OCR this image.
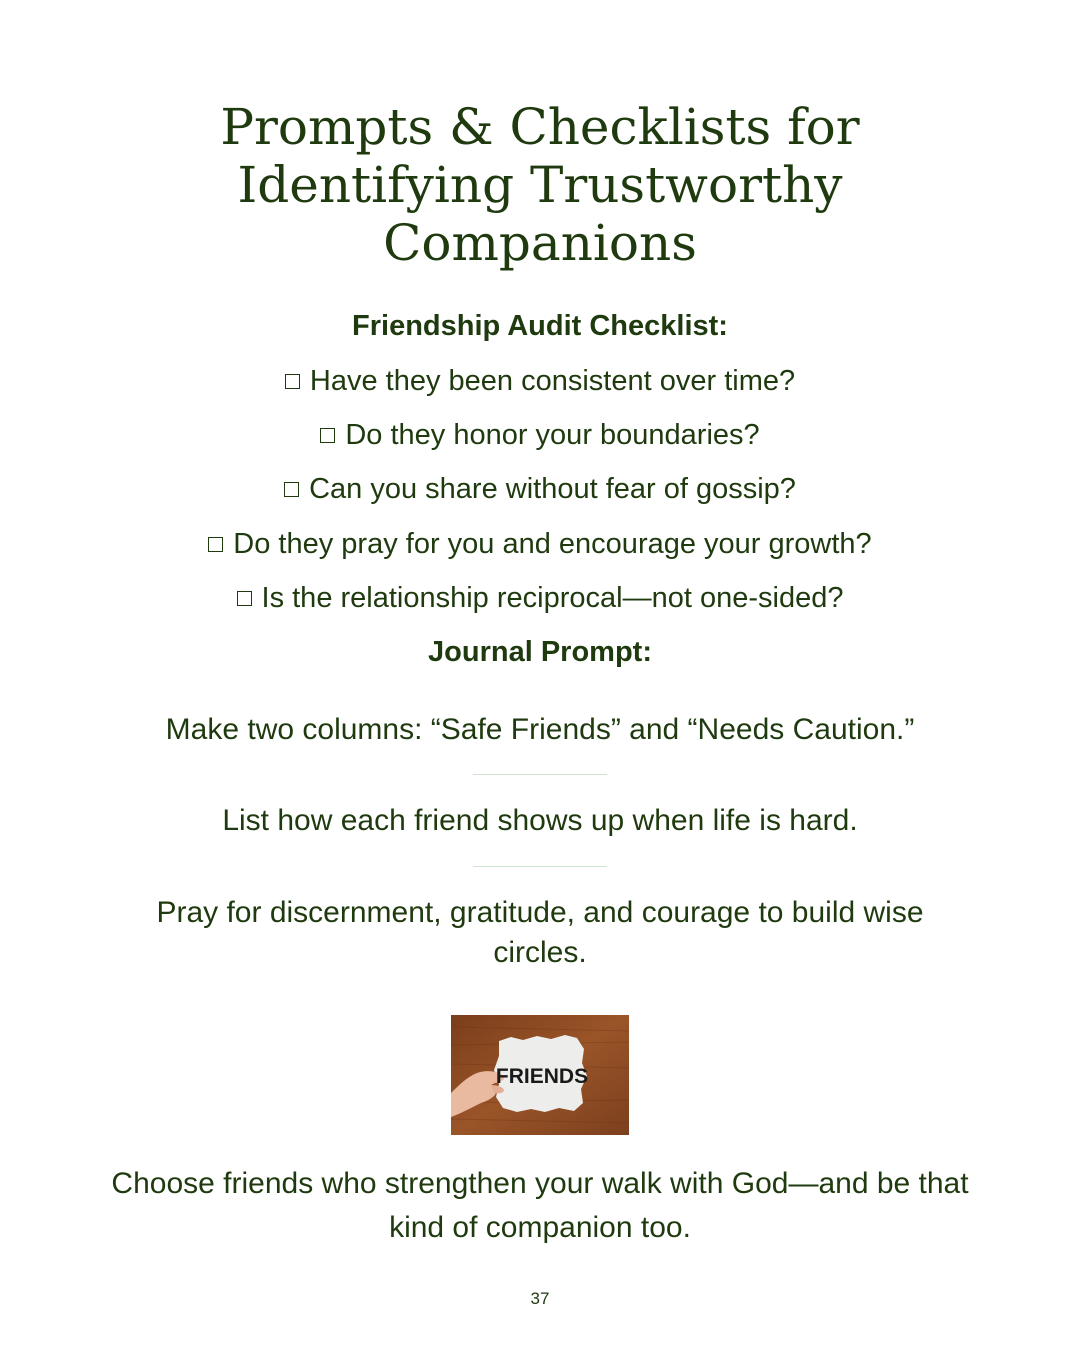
Prompts & Checklists for Identifying Trustworthy Companions
Friendship Audit Checklist:
Have they been consistent over time?
Do they honor your boundaries?
Can you share without fear of gossip?
Do they pray for you and encourage your growth?
Is the relationship reciprocal—not one-sided?
Journal Prompt:
Make two columns: “Safe Friends” and “Needs Caution.”
List how each friend shows up when life is hard.
Pray for discernment, gratitude, and courage to build wise circles.
FRIENDS
Choose friends who strengthen your walk with God—and be that kind of companion too.
37
